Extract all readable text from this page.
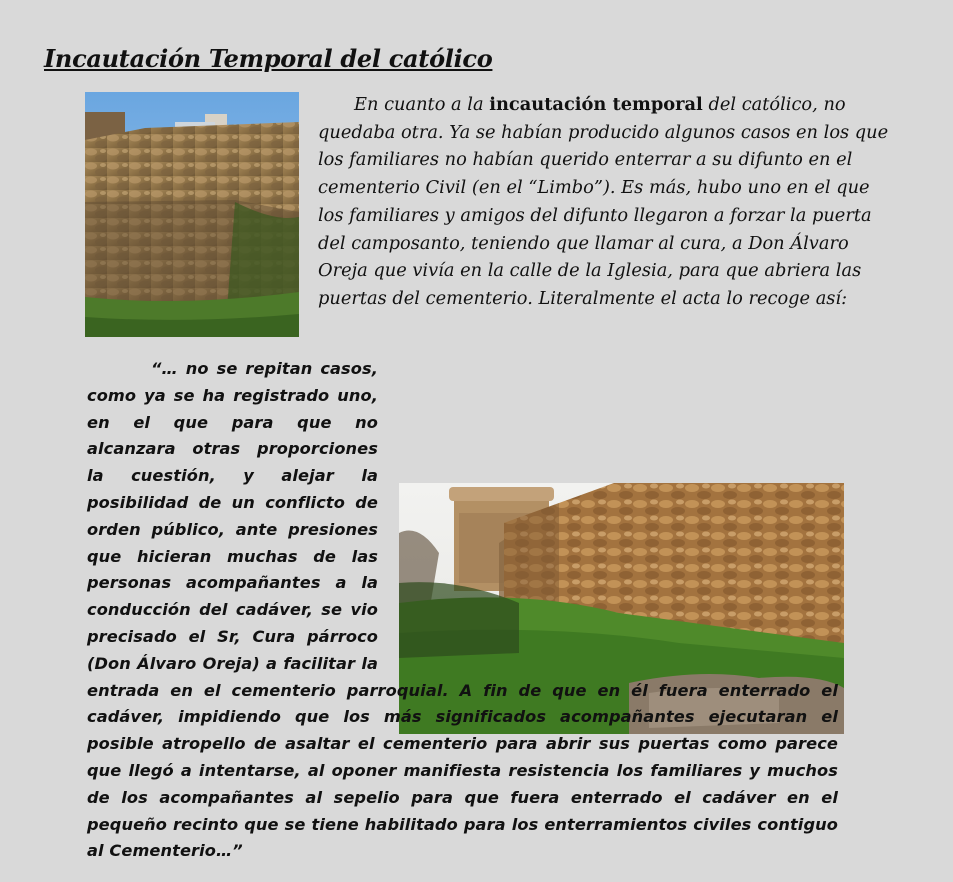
Incautación Temporal del católico

En cuanto a la incautación temporal del católico, no quedaba otra. Ya se habían producido algunos casos en los que los familiares no habían querido enterrar a su difunto en el cementerio Civil (en el “Limbo”). Es más, hubo uno en el que los familiares y amigos del difunto llegaron a forzar la puerta del camposanto, teniendo que llamar al cura, a Don Álvaro Oreja que vivía en la calle de la Iglesia, para que abriera las puertas del cementerio. Literalmente el acta lo recoge así:

“… no se repitan casos, como ya se ha registrado uno, en el que para que no alcanzara otras proporciones la cuestión, y alejar la posibilidad de un conflicto de orden público, ante presiones que hicieran muchas de las personas acompañantes a la conducción del cadáver, se vio precisado el Sr, Cura párroco (Don Álvaro Oreja) a facilitar la entrada en el cementerio parroquial. A fin de que en él fuera enterrado el cadáver, impidiendo que los más significados acompañantes ejecutaran el posible atropello de asaltar el cementerio para abrir sus puertas como parece que llegó a intentarse, al oponer manifiesta resistencia los familiares y muchos de los acompañantes al sepelio para que fuera enterrado el cadáver en el pequeño recinto que se tiene habilitado para los enterramientos civiles contiguo al Cementerio…”
